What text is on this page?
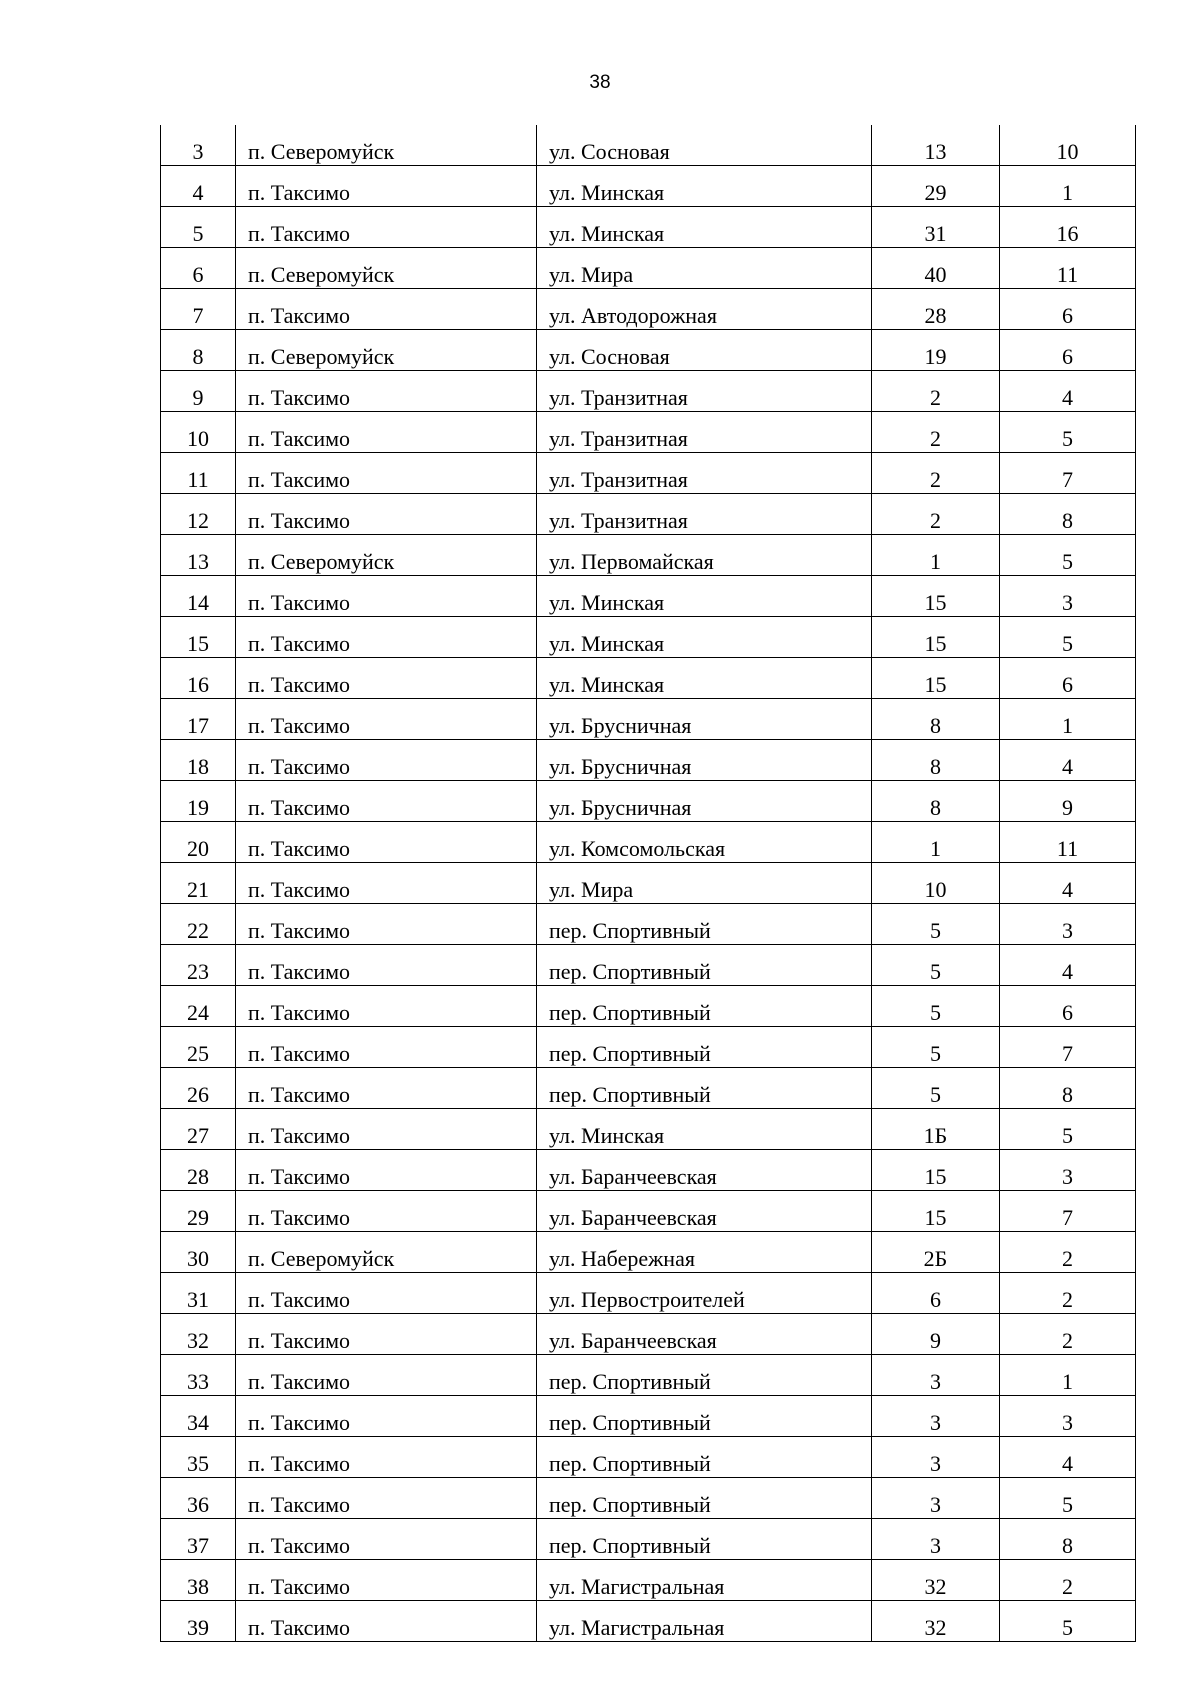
38
3	п. Северомуйск	ул. Сосновая	13	10
4	п. Таксимо	ул. Минская	29	1
5	п. Таксимо	ул. Минская	31	16
6	п. Северомуйск	ул. Мира	40	11
7	п. Таксимо	ул. Автодорожная	28	6
8	п. Северомуйск	ул. Сосновая	19	6
9	п. Таксимо	ул. Транзитная	2	4
10	п. Таксимо	ул. Транзитная	2	5
11	п. Таксимо	ул. Транзитная	2	7
12	п. Таксимо	ул. Транзитная	2	8
13	п. Северомуйск	ул. Первомайская	1	5
14	п. Таксимо	ул. Минская	15	3
15	п. Таксимо	ул. Минская	15	5
16	п. Таксимо	ул. Минская	15	6
17	п. Таксимо	ул. Брусничная	8	1
18	п. Таксимо	ул. Брусничная	8	4
19	п. Таксимо	ул. Брусничная	8	9
20	п. Таксимо	ул. Комсомольская	1	11
21	п. Таксимо	ул. Мира	10	4
22	п. Таксимо	пер. Спортивный	5	3
23	п. Таксимо	пер. Спортивный	5	4
24	п. Таксимо	пер. Спортивный	5	6
25	п. Таксимо	пер. Спортивный	5	7
26	п. Таксимо	пер. Спортивный	5	8
27	п. Таксимо	ул. Минская	1Б	5
28	п. Таксимо	ул. Баранчеевская	15	3
29	п. Таксимо	ул. Баранчеевская	15	7
30	п. Северомуйск	ул. Набережная	2Б	2
31	п. Таксимо	ул. Первостроителей	6	2
32	п. Таксимо	ул. Баранчеевская	9	2
33	п. Таксимо	пер. Спортивный	3	1
34	п. Таксимо	пер. Спортивный	3	3
35	п. Таксимо	пер. Спортивный	3	4
36	п. Таксимо	пер. Спортивный	3	5
37	п. Таксимо	пер. Спортивный	3	8
38	п. Таксимо	ул. Магистральная	32	2
39	п. Таксимо	ул. Магистральная	32	5
